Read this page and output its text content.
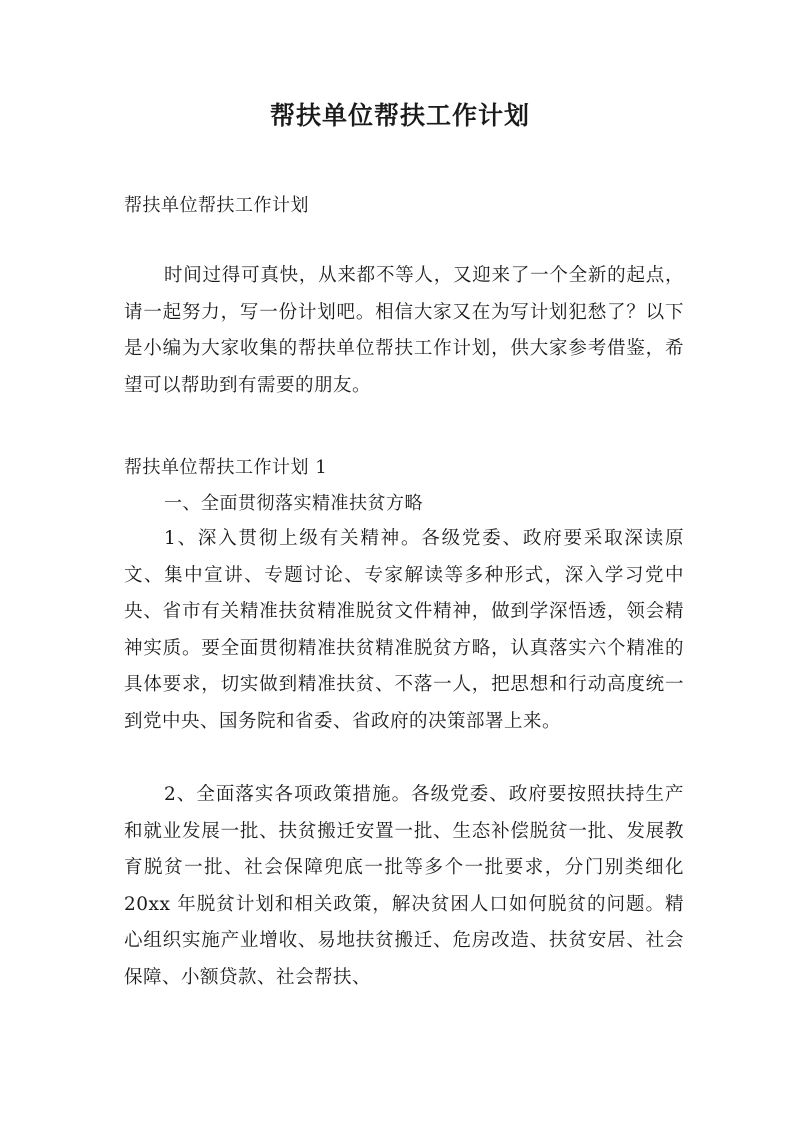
帮扶单位帮扶工作计划

帮扶单位帮扶工作计划

时间过得可真快，从来都不等人，又迎来了一个全新的起点，请一起努力，写一份计划吧。相信大家又在为写计划犯愁了？以下是小编为大家收集的帮扶单位帮扶工作计划，供大家参考借鉴，希望可以帮助到有需要的朋友。

帮扶单位帮扶工作计划 1

一、全面贯彻落实精准扶贫方略

1、深入贯彻上级有关精神。各级党委、政府要采取深读原文、集中宣讲、专题讨论、专家解读等多种形式，深入学习党中央、省市有关精准扶贫精准脱贫文件精神，做到学深悟透，领会精神实质。要全面贯彻精准扶贫精准脱贫方略，认真落实六个精准的具体要求，切实做到精准扶贫、不落一人，把思想和行动高度统一到党中央、国务院和省委、省政府的决策部署上来。

2、全面落实各项政策措施。各级党委、政府要按照扶持生产和就业发展一批、扶贫搬迁安置一批、生态补偿脱贫一批、发展教育脱贫一批、社会保障兜底一批等多个一批要求，分门别类细化 20xx 年脱贫计划和相关政策，解决贫困人口如何脱贫的问题。精心组织实施产业增收、易地扶贫搬迁、危房改造、扶贫安居、社会保障、小额贷款、社会帮扶、
